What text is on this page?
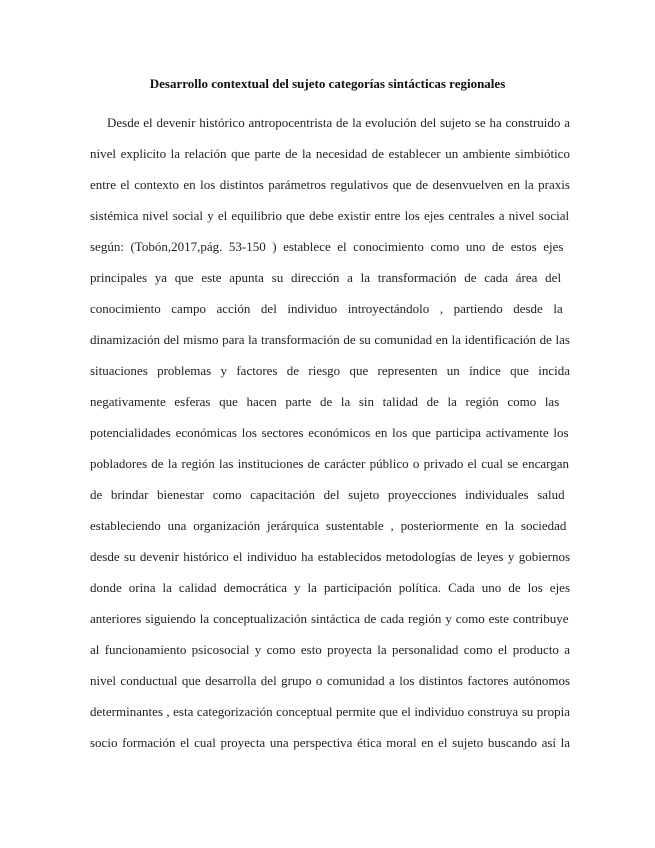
Desarrollo contextual del sujeto categorías sintácticas regionales
Desde el devenir histórico antropocentrista de la evolución del sujeto se ha construido a
nivel explicito la relación que parte de la necesidad de establecer un ambiente simbiótico
entre el contexto en los distintos parámetros regulativos que de desenvuelven en la praxis
sistémica nivel social y el equilibrio que debe existir entre los ejes centrales a nivel social
según: (Tobón,2017,pág. 53-150 ) establece el conocimiento como uno de estos ejes
principales ya que este apunta su dirección a la transformación de cada área del
conocimiento campo acción del individuo introyectándolo , partiendo desde la
dinamización del mismo para la transformación de su comunidad en la identificación de las
situaciones problemas y factores de riesgo que representen un índice que incida
negativamente esferas que hacen parte de la sin talidad de la región como las
potencialidades económicas los sectores económicos en los que participa activamente los
pobladores de la región las instituciones de carácter público o privado el cual se encargan
de brindar bienestar como capacitación del sujeto proyecciones individuales salud
estableciendo una organización jerárquica sustentable , posteriormente en la sociedad
desde su devenir histórico el individuo ha establecidos metodologías de leyes y gobiernos
donde orina la calidad democrática y la participación política. Cada uno de los ejes
anteriores siguiendo la conceptualización sintáctica de cada región y como este contribuye
al funcionamiento psicosocial y como esto proyecta la personalidad como el producto a
nivel conductual que desarrolla del grupo o comunidad a los distintos factores autónomos
determinantes , esta categorización conceptual permite que el individuo construya su propia
socio formación el cual proyecta una perspectiva ética moral en el sujeto buscando así la
